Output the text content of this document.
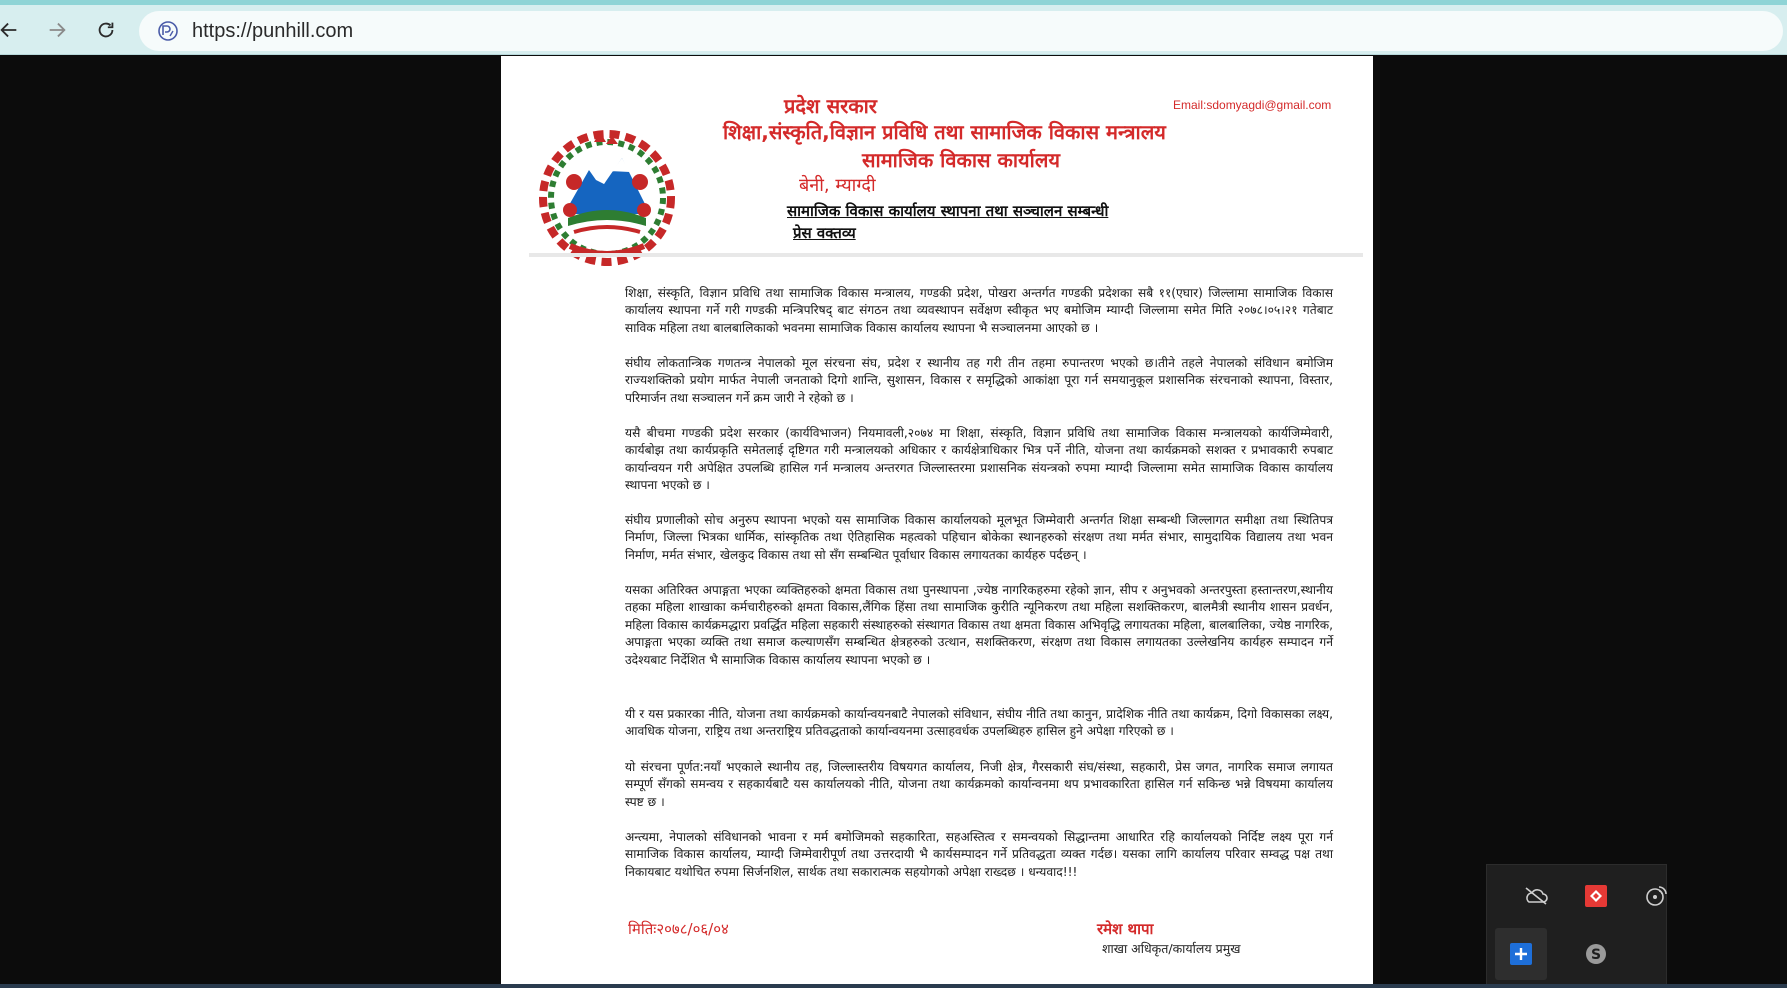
https://punhill.com
प्रदेश सरकार
शिक्षा,संस्कृति,विज्ञान प्रविधि तथा सामाजिक विकास मन्त्रालय
सामाजिक विकास कार्यालय
बेनी, म्याग्दी
Email:sdomyagdi@gmail.com
सामाजिक विकास कार्यालय स्थापना तथा सञ्चालन सम्बन्धी
प्रेस वक्तव्य

शिक्षा, संस्कृति, विज्ञान प्रविधि तथा सामाजिक विकास मन्त्रालय, गण्डकी प्रदेश, पोखरा अन्तर्गत गण्डकी प्रदेशका सबै ११(एघार) जिल्लामा सामाजिक विकास कार्यालय स्थापना गर्ने गरी गण्डकी मन्त्रिपरिषद् बाट संगठन तथा व्यवस्थापन सर्वेक्षण स्वीकृत भए बमोजिम म्याग्दी जिल्लामा समेत मिति २०७८।०५।२१ गतेबाट साविक महिला तथा बालबालिकाको भवनमा सामाजिक विकास कार्यालय स्थापना भै सञ्चालनमा आएको छ ।

संघीय लोकतान्त्रिक गणतन्त्र नेपालको मूल संरचना संघ, प्रदेश र स्थानीय तह गरी तीन तहमा रुपान्तरण भएको छ।तीने तहले नेपालको संविधान बमोजिम राज्यशक्तिको प्रयोग मार्फत नेपाली जनताको दिगो शान्ति, सुशासन, विकास र समृद्धिको आकांक्षा पूरा गर्न समयानुकूल प्रशासनिक संरचनाको स्थापना, विस्तार, परिमार्जन तथा सञ्चालन गर्ने क्रम जारी ने रहेको छ ।

यसै बीचमा गण्डकी प्रदेश सरकार (कार्यविभाजन) नियमावली,२०७४ मा शिक्षा, संस्कृति, विज्ञान प्रविधि तथा सामाजिक विकास मन्त्रालयको कार्यजिम्मेवारी, कार्यबोझ तथा कार्यप्रकृति समेतलाई दृष्टिगत गरी मन्त्रालयको अधिकार र कार्यक्षेत्राधिकार भित्र पर्ने नीति, योजना तथा कार्यक्रमको सशक्त र प्रभावकारी रुपबाट कार्यान्वयन गरी अपेक्षित उपलब्धि हासिल गर्न मन्त्रालय अन्तरगत जिल्लास्तरमा प्रशासनिक संयन्त्रको रुपमा म्याग्दी जिल्लामा समेत सामाजिक विकास कार्यालय स्थापना भएको छ ।

संघीय प्रणालीको सोच अनुरुप स्थापना भएको यस सामाजिक विकास कार्यालयको मूलभूत जिम्मेवारी अन्तर्गत शिक्षा सम्बन्धी जिल्लागत समीक्षा तथा स्थितिपत्र निर्माण, जिल्ला भित्रका धार्मिक, सांस्कृतिक तथा ऐतिहासिक महत्वको पहिचान बोकेका स्थानहरुको संरक्षण तथा मर्मत संभार, सामुदायिक विद्यालय तथा भवन निर्माण, मर्मत संभार, खेलकुद विकास तथा सो सँग सम्बन्धित पूर्वाधार विकास लगायतका कार्यहरु पर्दछन् ।

यसका अतिरिक्त अपाङ्गता भएका व्यक्तिहरुको क्षमता विकास तथा पुनस्थापना ,ज्येष्ठ नागरिकहरुमा रहेको ज्ञान, सीप र अनुभवको अन्तरपुस्ता हस्तान्तरण,स्थानीय तहका महिला शाखाका कर्मचारीहरुको क्षमता विकास,लैंगिक हिंसा तथा सामाजिक कुरीति न्यूनिकरण तथा महिला सशक्तिकरण, बालमैत्री स्थानीय शासन प्रवर्धन, महिला विकास कार्यक्रमद्धारा प्रवर्द्धित महिला सहकारी संस्थाहरुको संस्थागत विकास तथा क्षमता विकास अभिवृद्धि लगायतका महिला, बालबालिका, ज्येष्ठ नागरिक, अपाङ्गता भएका व्यक्ति तथा समाज कल्याणसँग सम्बन्धित क्षेत्रहरुको उत्थान, सशक्तिकरण, संरक्षण तथा विकास लगायतका उल्लेखनिय कार्यहरु सम्पादन गर्ने उदेश्यबाट निर्देशित भै सामाजिक विकास कार्यालय स्थापना भएको छ ।

यी र यस प्रकारका नीति, योजना तथा कार्यक्रमको कार्यान्वयनबाटै नेपालको संविधान, संघीय नीति तथा कानुन, प्रादेशिक नीति तथा कार्यक्रम, दिगो विकासका लक्ष्य, आवधिक योजना, राष्ट्रिय तथा अन्तराष्ट्रिय प्रतिवद्धताको कार्यान्वयनमा उत्साहवर्धक उपलब्धिहरु हासिल हुने अपेक्षा गरिएको छ ।

यो संरचना पूर्णत:नयाँ भएकाले स्थानीय तह, जिल्लास्तरीय विषयगत कार्यालय, निजी क्षेत्र, गैरसकारी संघ/संस्था, सहकारी, प्रेस जगत, नागरिक समाज लगायत सम्पूर्ण सँगको समन्वय र सहकार्यबाटै यस कार्यालयको नीति, योजना तथा कार्यक्रमको कार्यान्वनमा थप प्रभावकारिता हासिल गर्न सकिन्छ भन्ने विषयमा कार्यालय स्पष्ट छ ।

अन्त्यमा, नेपालको संविधानको भावना र मर्म बमोजिमको सहकारिता, सहअस्तित्व र समन्वयको सिद्धान्तमा आधारित रहि कार्यालयको निर्दिष्ट लक्ष्य पूरा गर्न सामाजिक विकास कार्यालय, म्याग्दी जिम्मेवारीपूर्ण तथा उत्तरदायी भै कार्यसम्पादन गर्ने प्रतिवद्धता व्यक्त गर्दछ। यसका लागि कार्यालय परिवार सम्वद्ध पक्ष तथा निकायबाट यथोचित रुपमा सिर्जनशिल, सार्थक तथा सकारात्मक सहयोगको अपेक्षा राख्दछ । धन्यवाद!!!

मितिः२०७८/०६/०४	रमेश थापा
शाखा अधिकृत/कार्यालय प्रमुख	S
